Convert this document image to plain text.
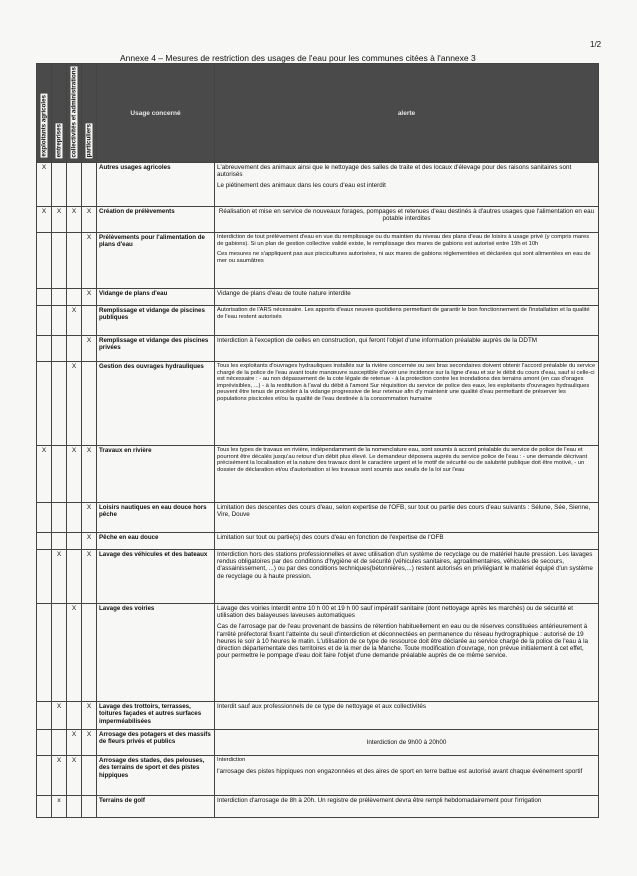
1/2
Annexe 4 – Mesures de restriction des usages de l'eau pour les communes citées à l'annexe 3
exploitants agricoles	entreprises	collectivités et administrations	particuliers	Usage concerné	alerte
X				Autres usages agricoles	L'abreuvement des animaux ainsi que le nettoyage des salles de traite et des locaux d'élevage pour des raisons sanitaires sont autorisés

Le piétinement des animaux dans les cours d'eau est interdit

X	X	X	X	Création de prélèvements	Réalisation et mise en service de nouveaux forages, pompages et retenues d'eau destinés à d'autres usages que l'alimentation en eau potable interdites

			X	Prélèvements pour l'alimentation de plans d'eau	Interdiction de tout prélèvement d'eau en vue du remplissage ou du maintien du niveau des plans d'eau de loisirs à usage privé (y compris mares de gabions). Si un plan de gestion collective validé existe, le remplissage des mares de gabions est autorisé entre 19h et 10h

Ces mesures ne s'appliquent pas aux piscicultures autorisées, ni aux mares de gabions réglementées et déclarées qui sont alimentées en eau de mer ou saumâtres

			X	Vidange de plans d'eau	Vidange de plans d'eau de toute nature interdite

		X		Remplissage et vidange de piscines publiques	Autorisation de l'ARS nécessaire. Les apports d'eaux neuves quotidiens permettant de garantir le bon fonctionnement de l'installation et la qualité de l'eau restent autorisés

			X	Remplissage et vidange des piscines privées	Interdiction à l'exception de celles en construction, qui feront l'objet d'une information préalable auprès de la DDTM

		X		Gestion des ouvrages hydrauliques	Tous les exploitants d'ouvrages hydrauliques installés sur la rivière concernée ou ses bras secondaires doivent obtenir l'accord préalable du service chargé de la police de l'eau avant toute manœuvre susceptible d'avoir une incidence sur la ligne d'eau et sur le débit du cours d'eau, sauf si celle-ci est nécessaire : - au non dépassement de la cote légale de retenue - à la protection contre les inondations des terrains amont (en cas d'orages imprévisibles, ...) - à la restitution à l'aval du débit à l'amont Sur réquisition du service de police des eaux, les exploitants d'ouvrages hydrauliques peuvent être tenus de procéder à la vidange progressive de leur retenue afin d'y maintenir une qualité d'eau permettant de préserver les populations piscicoles et/ou la qualité de l'eau destinée à la consommation humaine

X		X	X	Travaux en rivière	Tous les types de travaux en rivière, indépendamment de la nomenclature eau, sont soumis à accord préalable du service de police de l'eau et pourront être décalés jusqu'au retour d'un débit plus élevé. Le demandeur déposera auprès du service police de l'eau : - une demande décrivant précisément la localisation et la nature des travaux dont le caractère urgent et le motif de sécurité ou de salubrité publique doit être motivé, - un dossier de déclaration et/ou d'autorisation si les travaux sont soumis aux seuils de la loi sur l'eau

			X	Loisirs nautiques en eau douce hors pêche	Limitation des descentes des cours d'eau, selon expertise de l'OFB, sur tout ou partie des cours d'eau suivants : Sélune, Sée, Sienne, Vire, Douve

			X	Pêche en eau douce	Limitation sur tout ou partie(s) des cours d'eau en fonction de l'expertise de l'OFB

	X		X	Lavage des véhicules et des bateaux	Interdiction hors des stations professionnelles et avec utilisation d'un système de recyclage ou de matériel haute pression. Les lavages rendus obligatoires par des conditions d'hygiène et de sécurité (véhicules sanitaires, agroalimentaires, véhicules de secours, d'assainissement, ...) ou par des conditions techniques(bétonnières,...) restent autorisés en privilégiant le matériel équipé d'un système de recyclage ou à haute pression.

		X		Lavage des voiries	Lavage des voiries interdit entre 10 h 00 et 19 h 00 sauf impératif sanitaire (dont nettoyage après les marchés) ou de sécurité et utilisation des balayeuses laveuses automatiques

Cas de l'arrosage par de l'eau provenant de bassins de rétention habituellement en eau ou de réserves constituées antérieurement à l'arrêté préfectoral fixant l'atteinte du seuil d'interdiction et déconnectées en permanence du réseau hydrographique : autorisé de 19 heures le soir à 10 heures le matin. L'utilisation de ce type de ressource doit être déclarée au service chargé de la police de l'eau à la direction départementale des territoires et de la mer de la Manche. Toute modification d'ouvrage, non prévue initialement à cet effet, pour permettre le pompage d'eau doit faire l'objet d'une demande préalable auprès de ce même service.

	X		X	Lavage des trottoirs, terrasses, toitures façades et autres surfaces imperméabilisées	Interdit sauf aux professionnels de ce type de nettoyage et aux collectivités

		X	X	Arrosage des potagers et des massifs de fleurs privés et publics	Interdiction de 9h00 à 20h00

	X	X		Arrosage des stades, des pelouses, des terrains de sport et des pistes hippiques	Interdiction

l'arrosage des pistes hippiques non engazonnées et des aires de sport en terre battue est autorisé avant chaque événement sportif

	x			Terrains de golf	Interdiction d'arrosage de 8h à 20h. Un registre de prélèvement devra être rempli hebdomadairement pour l'irrigation
